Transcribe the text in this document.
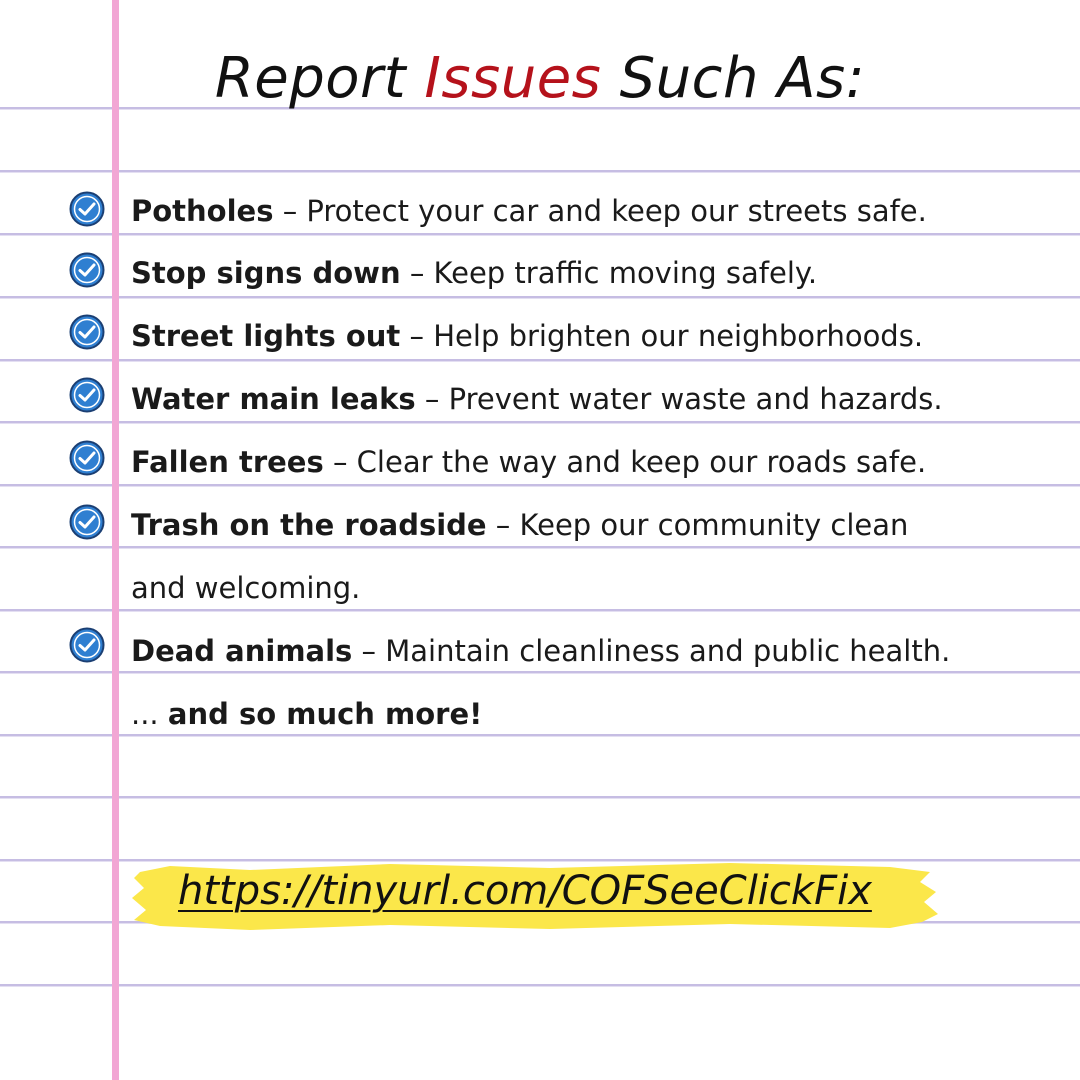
Report Issues Such As:
Potholes – Protect your car and keep our streets safe.
Stop signs down – Keep traffic moving safely.
Street lights out – Help brighten our neighborhoods.
Water main leaks – Prevent water waste and hazards.
Fallen trees – Clear the way and keep our roads safe.
Trash on the roadside – Keep our community clean
and welcoming.
Dead animals – Maintain cleanliness and public health.
... and so much more!
https://tinyurl.com/COFSeeClickFix
